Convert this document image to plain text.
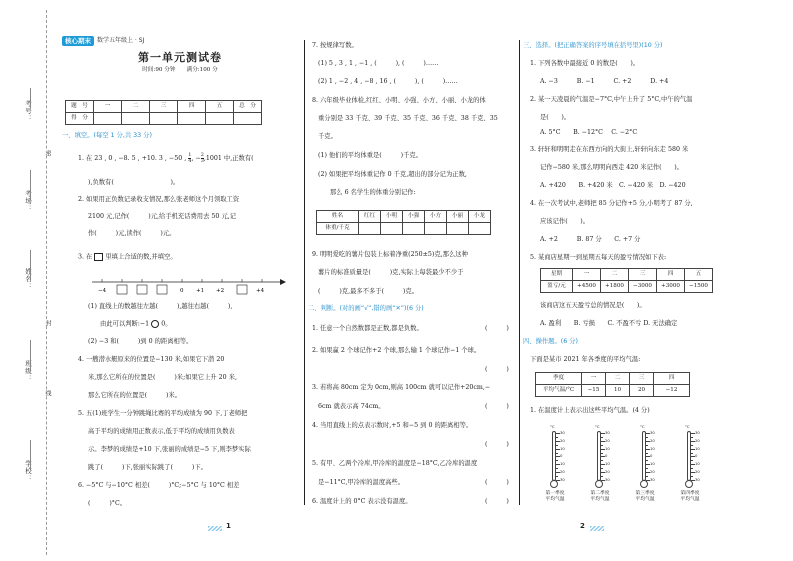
考号：
考场：
姓名：
班级：
学校：
密
封
线
核心期末	数学五年级上 · SJ
第一单元测试卷
时间:90 分钟　　满分:100 分
题　号	一	二	三	四	五	总　分
得　分						
一、填空。(每空 1 分,共 33 分)
1. 在 23 , 0 , −8. 5 , +10. 3 , −50 , $\frac{1}{4}$ , − $\frac{2}{3} ,1001$ 中,正数有(
),负数有(　　　　　　　　　)。
2. 如果用正负数记录收支情况,那么张老师这个月领取工资
2100 元,记作(　　　)元,给手机充话费用去 50 元,记
作(　　　)元,读作(　　　)元。
3. 在 里填上合适的数,并填空。
−4	0 +1 +2	+4
(1) 直线上的数越往左越(　　　),越往右越(　　　),
由此可以判断:−1 0。
(2) −3 和(　　　)到 0 的距离相等。
4. 一艘潜水艇原来的位置是−130 米,如果它下潜 20
米,那么它所在的位置是(　　　)米;如果它上升 20 米,
那么它所在的位置是(　　　)米。
5. 五(1)班学生一分钟跳绳比赛的平均成绩为 90 下,丁老师把
高于平均的成绩用正数表示,低于平均的成绩用负数表
示。李梦的成绩是+10 下,张丽的成绩是−5 下,则李梦实际
跳了(　　　)下,张丽实际跳了(　　　)下。
6. −5°C 与−10°C 相差(　　　)°C;−5°C 与 10°C 相差
(　　　)°C。
1
7. 按规律写数。
(1) 5 , 3 , 1 , −1 , (　　　), (　　　)……
(2) 1 , −2 , 4 , −8 , 16 , (　　　), (　　　)……
8. 六年级毕业体检,红红、小明、小强、小方、小丽、小龙的体
重分别是 33 千克、39 千克、35 千克、36 千克、38 千克、35
千克。
(1) 他们的平均体重是(　　　)千克。
(2) 如果把平均体重记作 0 千克,超出的部分记为正数,
那么 6 名学生的体重分别记作:
姓名	红红	小明	小强	小方	小丽	小龙
体重/千克						
9. 明明爱吃的薯片包装上标着净重(250±5)克,那么这种
薯片的标准质量是(　　　)克,实际上每袋最少不少于
(　　　)克,最多不多于(　　　)克。
二、判断。(对的画“√”,错的画“✕”)(6 分)
1. 任意一个自然数都是正数,都是负数。	(　　　)
2. 如果赢 2 个球记作+2 个球,那么输 1 个球记作−1 个球。
(　　　)
3. 若将高 80cm 定为 0cm,则高 100cm 就可以记作+20cm,−
6cm 就表示高 74cm。	(　　　)
4. 当用直线上的点表示数时,+5 和−5 到 0 的距离相等。
(　　　)
5. 有甲、乙两个冷库,甲冷库的温度是−18°C,乙冷库的温度
是−11°C,甲冷库的温度高些。	(　　　)
6. 温度计上的 0°C 表示没有温度。	(　　　)
2
三、选择。(把正确答案的序号填在括号里)(10 分)
1. 下列各数中最接近 0 的数是(　　)。
A. −3　　　B. −1　　　C. +2　　　D. +4
2. 某一天凌晨的气温是−7°C,中午上升了 5°C,中午的气温
是(　　)。
A. 5°C　　B. −12°C　 C. −2°C
3. 轩轩和明明走在东西方向的大街上,轩轩向东走 580 米
记作−580 米,那么明明向西走 420 米记作(　　)。
A. +420　　B. +420 米　C. −420 米　D. −420
4. 在一次考试中,老师把 85 分记作+5 分,小明考了 87 分,
应该记作(　　)。
A. +2　　　B. 87 分　　C. +7 分
5. 某商店星期一到星期五每天的盈亏情况如下表:
星期	一	二	三	四	五
盈亏/元	+4500	+1800	−3000	+3000	−1500
该商店这五天盈亏总的情况是(　　)。
A. 盈利　　B. 亏损　　C. 不盈不亏 D. 无法确定
四、操作题。(6 分)
下面是某市 2021 年各季度的平均气温:
季度	一	二	三	四
平均气温/°C	−15	10	20	−12
1. 在温度计上表示出这些平均气温。(4 分)
°C
30
20
10
0
10
20
30
第一季度
平均气温
°C
30
20
10
0
10
20
30
第二季度
平均气温
°C
30
20
10
0
10
20
30
第三季度
平均气温
°C
30
20
10
0
10
20
30
第四季度
平均气温
